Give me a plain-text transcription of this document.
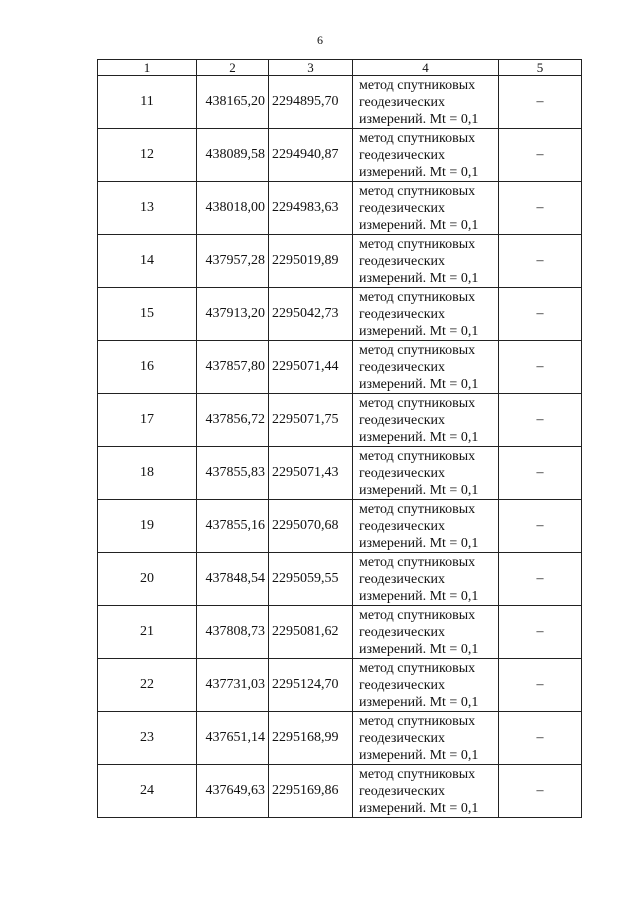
6
1	2	3	4	5
11	438165,20	2294895,70	метод спутниковых
геодезических
измерений. Mt = 0,1	–
12	438089,58	2294940,87	метод спутниковых
геодезических
измерений. Mt = 0,1	–
13	438018,00	2294983,63	метод спутниковых
геодезических
измерений. Mt = 0,1	–
14	437957,28	2295019,89	метод спутниковых
геодезических
измерений. Mt = 0,1	–
15	437913,20	2295042,73	метод спутниковых
геодезических
измерений. Mt = 0,1	–
16	437857,80	2295071,44	метод спутниковых
геодезических
измерений. Mt = 0,1	–
17	437856,72	2295071,75	метод спутниковых
геодезических
измерений. Mt = 0,1	–
18	437855,83	2295071,43	метод спутниковых
геодезических
измерений. Mt = 0,1	–
19	437855,16	2295070,68	метод спутниковых
геодезических
измерений. Mt = 0,1	–
20	437848,54	2295059,55	метод спутниковых
геодезических
измерений. Mt = 0,1	–
21	437808,73	2295081,62	метод спутниковых
геодезических
измерений. Mt = 0,1	–
22	437731,03	2295124,70	метод спутниковых
геодезических
измерений. Mt = 0,1	–
23	437651,14	2295168,99	метод спутниковых
геодезических
измерений. Mt = 0,1	–
24	437649,63	2295169,86	метод спутниковых
геодезических
измерений. Mt = 0,1	–
